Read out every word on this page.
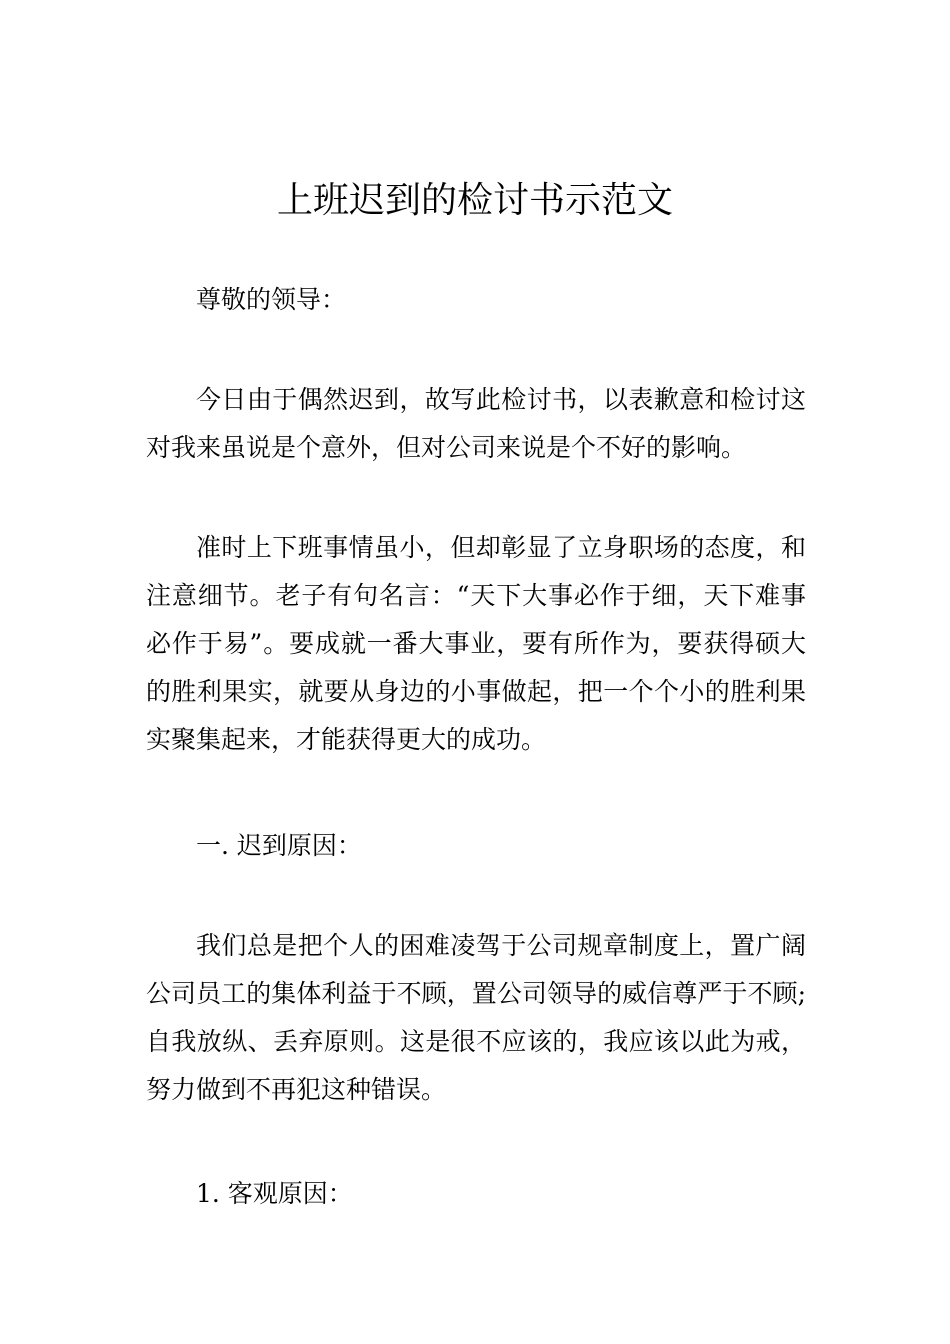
上班迟到的检讨书示范文

尊敬的领导：

今日由于偶然迟到，故写此检讨书，以表歉意和检讨这对我来虽说是个意外，但对公司来说是个不好的影响。

准时上下班事情虽小，但却彰显了立身职场的态度，和注意细节。老子有句名言：“天下大事必作于细，天下难事必作于易”。要成就一番大事业，要有所作为，要获得硕大的胜利果实，就要从身边的小事做起，把一个个小的胜利果实聚集起来，才能获得更大的成功。

一. 迟到原因：

我们总是把个人的困难凌驾于公司规章制度上，置广阔公司员工的集体利益于不顾，置公司领导的威信尊严于不顾;自我放纵、丢弃原则。这是很不应该的，我应该以此为戒，努力做到不再犯这种错误。

1. 客观原因：
